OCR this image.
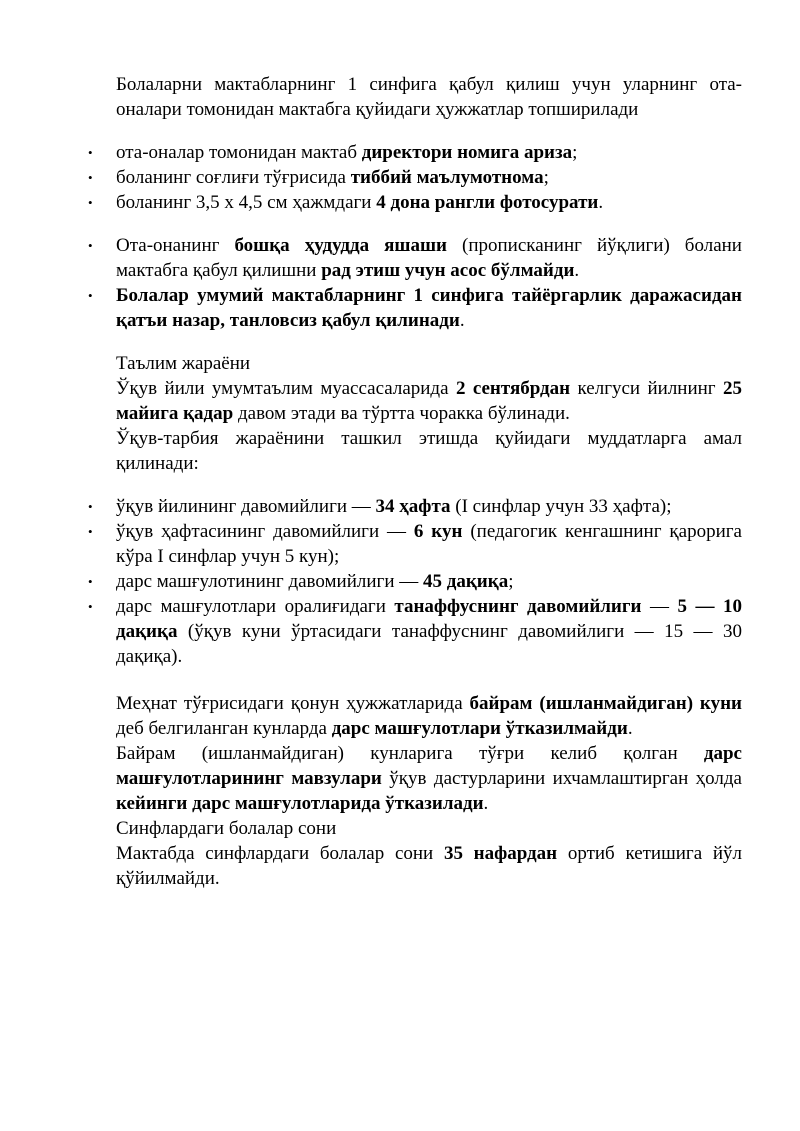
Болаларни мактабларнинг 1 синфига қабул қилиш учун уларнинг ота-оналари томонидан мактабга қуйидаги ҳужжатлар топширилади

• ота-оналар томонидан мактаб директори номига ариза;
• боланинг соғлиғи тўғрисида тиббий маълумотнома;
• боланинг 3,5 x 4,5 см ҳажмдаги 4 дона рангли фотосурати.
• Ота-онанинг бошқа ҳудудда яшаши (прописканинг йўқлиги) болани мактабга қабул қилишни рад этиш учун асос бўлмайди.
• Болалар умумий мактабларнинг 1 синфига тайёргарлик даражасидан қатъи назар, танловсиз қабул қилинади.

Таълим жараёни

Ўқув йили умумтаълим муассасаларида 2 сентябрдан келгуси йилнинг 25 майига қадар давом этади ва тўртта чоракка бўлинади.

Ўқув-тарбия жараёнини ташкил этишда қуйидаги муддатларга амал қилинади:

• ўқув йилининг давомийлиги — 34 ҳафта (I синфлар учун 33 ҳафта);
• ўқув ҳафтасининг давомийлиги — 6 кун (педагогик кенгашнинг қарорига кўра I синфлар учун 5 кун);
• дарс машғулотининг давомийлиги — 45 дақиқа;
• дарс машғулотлари оралиғидаги танаффуснинг давомийлиги — 5 — 10 дақиқа (ўқув куни ўртасидаги танаффуснинг давомийлиги — 15 — 30 дақиқа).

Меҳнат тўғрисидаги қонун ҳужжатларида байрам (ишланмайдиган) куни деб белгиланган кунларда дарс машғулотлари ўтказилмайди.

Байрам (ишланмайдиган) кунларига тўғри келиб қолган дарс машғулотларининг мавзулари ўқув дастурларини ихчамлаштирган ҳолда кейинги дарс машғулотларида ўтказилади.

Синфлардаги болалар сони

Мактабда синфлардаги болалар сони 35 нафардан ортиб кетишига йўл қўйилмайди.
